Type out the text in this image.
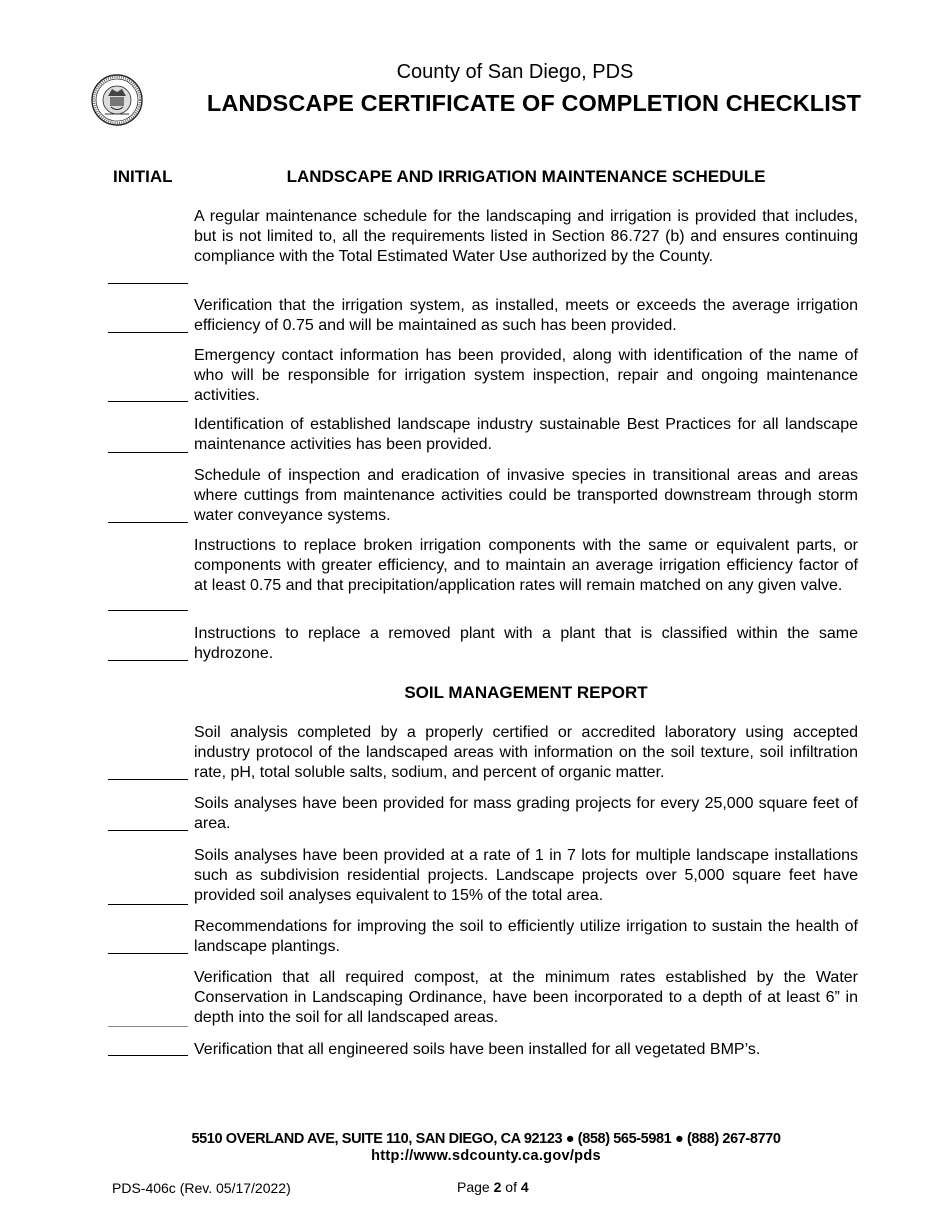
County of San Diego, PDS
LANDSCAPE CERTIFICATE OF COMPLETION CHECKLIST
INITIAL	LANDSCAPE AND IRRIGATION MAINTENANCE SCHEDULE
A regular maintenance schedule for the landscaping and irrigation is provided that includes, but is not limited to, all the requirements listed in Section 86.727 (b) and ensures continuing compliance with the Total Estimated Water Use authorized by the County.
Verification that the irrigation system, as installed, meets or exceeds the average irrigation efficiency of 0.75 and will be maintained as such has been provided.
Emergency contact information has been provided, along with identification of the name of who will be responsible for irrigation system inspection, repair and ongoing maintenance activities.
Identification of established landscape industry sustainable Best Practices for all landscape maintenance activities has been provided.
Schedule of inspection and eradication of invasive species in transitional areas and areas where cuttings from maintenance activities could be transported downstream through storm water conveyance systems.
Instructions to replace broken irrigation components with the same or equivalent parts, or components with greater efficiency, and to maintain an average irrigation efficiency factor of at least 0.75 and that precipitation/application rates will remain matched on any given valve.
Instructions to replace a removed plant with a plant that is classified within the same hydrozone.
SOIL MANAGEMENT REPORT
Soil analysis completed by a properly certified or accredited laboratory using accepted industry protocol of the landscaped areas with information on the soil texture, soil infiltration rate, pH, total soluble salts, sodium, and percent of organic matter.
Soils analyses have been provided for mass grading projects for every 25,000 square feet of area.
Soils analyses have been provided at a rate of 1 in 7 lots for multiple landscape installations such as subdivision residential projects. Landscape projects over 5,000 square feet have provided soil analyses equivalent to 15% of the total area.
Recommendations for improving the soil to efficiently utilize irrigation to sustain the health of landscape plantings.
Verification that all required compost, at the minimum rates established by the Water Conservation in Landscaping Ordinance, have been incorporated to a depth of at least 6” in depth into the soil for all landscaped areas.
Verification that all engineered soils have been installed for all vegetated BMP’s.
5510 OVERLAND AVE, SUITE 110, SAN DIEGO, CA 92123 ● (858) 565-5981 ● (888) 267-8770
http://www.sdcounty.ca.gov/pds
PDS-406c (Rev. 05/17/2022)	Page 2 of 4
